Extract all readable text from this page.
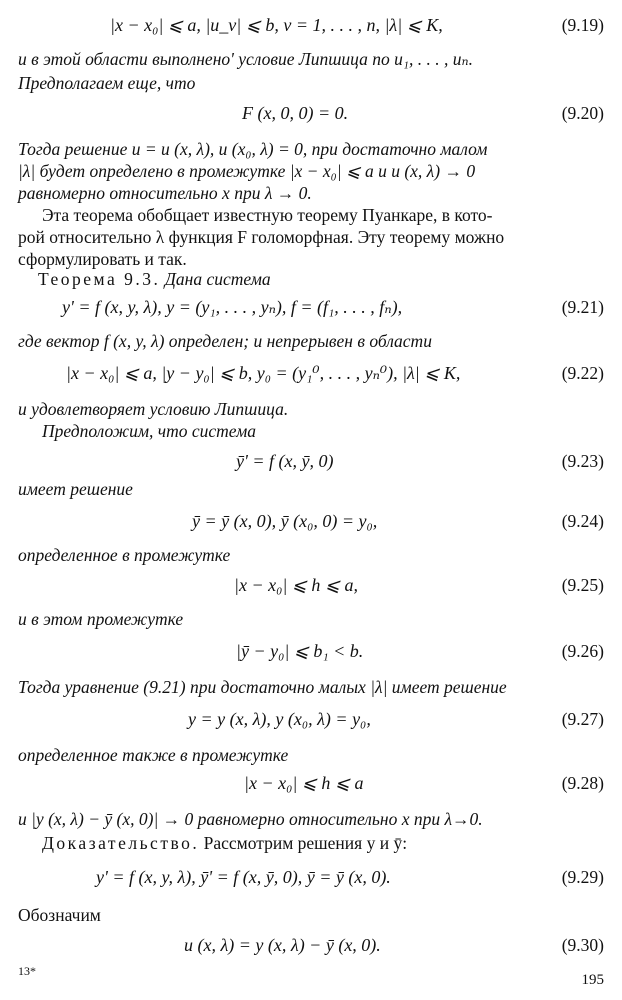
|x − x₀| ⩽ a, |u_ν| ⩽ b, ν = 1, . . . , n, |λ| ⩽ K,	(9.19)
и в этой области выполнено' условие Липшица по u₁, . . . , uₙ.
Предполагаем еще, что
F (x, 0, 0) = 0.	(9.20)
Тогда решение u = u (x, λ), u (x₀, λ) = 0, при достаточно малом
|λ| будет определено в промежутке |x − x₀| ⩽ a и u (x, λ) → 0
равномерно относительно x при λ → 0.
Эта теорема обобщает известную теорему Пуанкаре, в кото-
рой относительно λ функция F голоморфная. Эту теорему можно
сформулировать и так.
Теорема 9.3. Дана система
y' = f (x, y, λ), y = (y₁, . . . , yₙ), f = (f₁, . . . , fₙ),	(9.21)
где вектор f (x, y, λ) определен; и непрерывен в области
|x − x₀| ⩽ a, |y − y₀| ⩽ b, y₀ = (y₁⁰, . . . , yₙ⁰), |λ| ⩽ K,	(9.22)
и удовлетворяет условию Липшица.
Предположим, что система
ȳ' = f (x, ȳ, 0)	(9.23)
имеет решение
ȳ = ȳ (x, 0), ȳ (x₀, 0) = y₀,	(9.24)
определенное в промежутке
|x − x₀| ⩽ h ⩽ a,	(9.25)
и в этом промежутке
|ȳ − y₀| ⩽ b₁ < b.	(9.26)
Тогда уравнение (9.21) при достаточно малых |λ| имеет решение
y = y (x, λ), y (x₀, λ) = y₀,	(9.27)
определенное также в промежутке
|x − x₀| ⩽ h ⩽ a	(9.28)
и |y (x, λ) − ȳ (x, 0)| → 0 равномерно относительно x при λ→0.
Доказательство. Рассмотрим решения y и ȳ:
y' = f (x, y, λ), ȳ' = f (x, ȳ, 0), ȳ = ȳ (x, 0).	(9.29)
Обозначим
u (x, λ) = y (x, λ) − ȳ (x, 0).	(9.30)
13*
195
